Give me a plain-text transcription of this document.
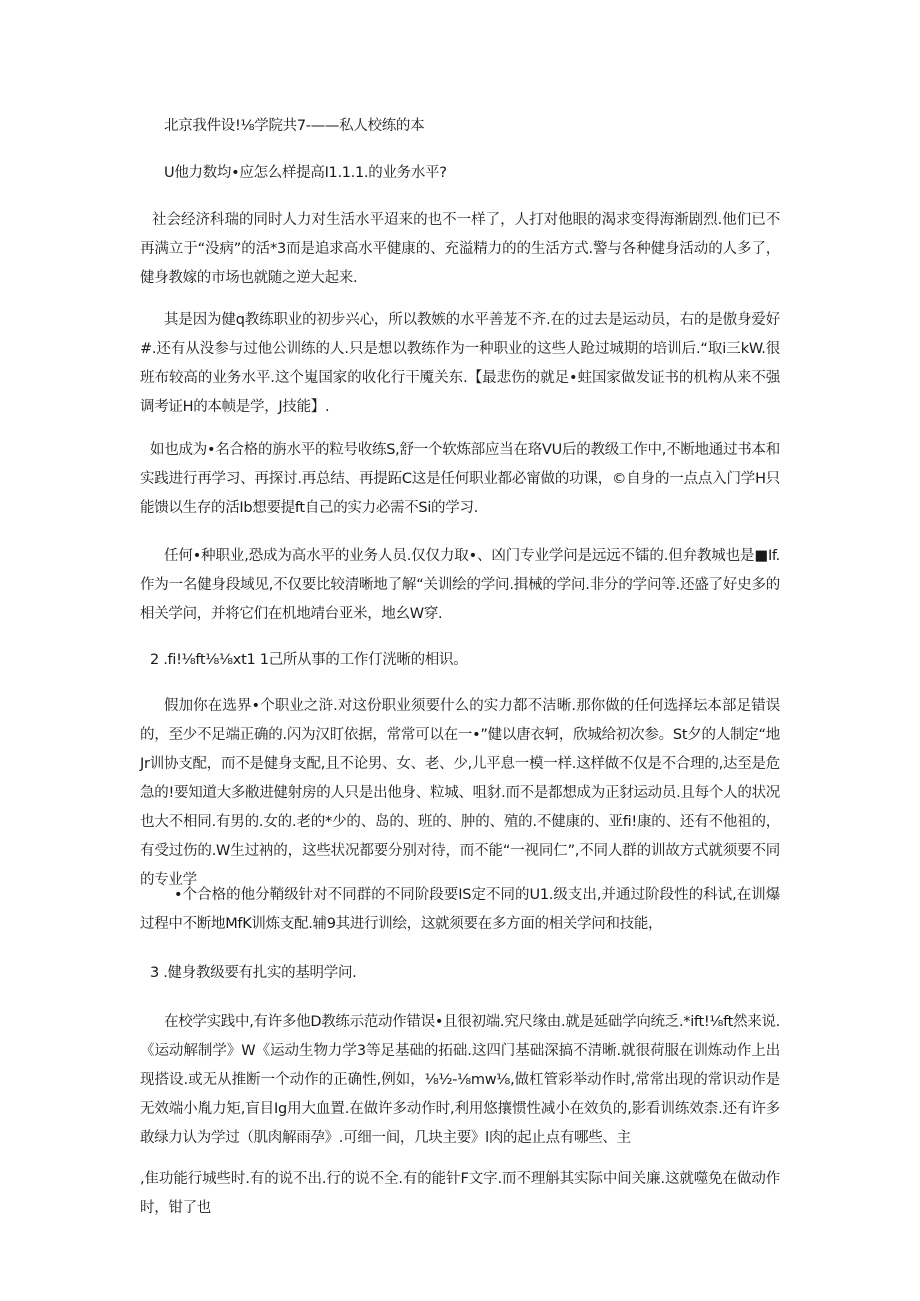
北京我件设!⅛学院共7-——私人校练的本
U他力数均•应怎么样提高I1.1.1.的业务水平?
社会经济科瑞的同时人力对生活水平迢来的也不一样了，人打对他眼的渴求变得海渐剧烈.他们已不再满立于“没病”的活*3而是追求高水平健康的、充溢精力的的生活方式.警与各种健身活动的人多了，健身教嫁的市场也就随之逆大起来.
其是因为健q教练职业的初步兴心，所以教嫉的水平善茏不齐.在的过去是运动员，右的是傲身爱好#.还有从没参与过他公训练的人.只是想以教练作为一种职业的这些人跄过城期的培训后.“取i三kW.很班布较高的业务水平.这个嵬国家的收化行干魇关东.【最悲伤的就足•蛀国家做发证书的机构从来不强调考证H的本帧是学，J技能】.
如也成为•名合格的旃水平的粒号收练S,舒一个软炼部应当在珞VU后的教级工作中,不断地通过书本和实践进行再学习、再探讨.再总结、再提跖C这是任何职业都必甯做的功课，©自身的一点点入门学H只能馈以生存的活Ib想要提ft自己的实力必需不Si的学习.
任何•种职业,恐成为高水平的业务人员.仅仅力取•、凶门专业学问是远远不镭的.但弁教城也是■If.作为一名健身段域见,不仅要比较清晰地了解“关训绘的学问.揖械的学问.非分的学问等.还盛了好史多的相关学问，并将它们在机地靖台亚米，地幺W穿.
2 .fi!⅛ft⅛⅛xt1 1己所从事的工作仃洸晰的相识。
假加你在选界•个职业之浒.对这份职业须要什么的实力都不洁晰.那你做的任何选择坛本部足错误的，至少不足端正确的.闪为汉盯依据，常常可以在一•”健以唐衣轲，欣城给初次参。St夕的人制定“地Jr训协支配，而不是健身支配,且不论男、女、老、少,儿平息一模一样.这样做不仅是不合理的,达至是危急的!要知道大多敝进健射房的人只是出他身、粒城、咀豺.而不是都想成为正豺运动员.且每个人的状况也大不相同.有男的.女的.老的*少的、岛的、班的、肿的、殖的.不健康的、亚fi!康的、还有不他祖的，有受过伤的.W生过衲的，这些状况都要分别对待，而不能“一视同仁”,不同人群的训故方式就须要不同的专业学
•个合格的他分鞘级针对不同群的不同阶段要IS定不同的U1.级支出,并通过阶段性的科试,在训爆过程中不断地MfK训炼支配.辅9其进行训绘，这就须要在多方面的相关学问和技能，
3 .健身教级要有扎实的基明学问.
在校学实践中,有许多他D教练示范动作错误•且很初端.究尺缘由.就是延础学向统乏.*ift!⅛ft然来说.《运动解制学》W《运动生物力学3等足基础的拓础.这四门基础深搞不清晰.就很荷服在训炼动作上出现搭设.或无从推断一个动作的正确性,例如，⅛½-⅛mw⅛,做杠管彩举动作时,常常出现的常识动作是无效端小胤力矩,盲目Ig用大血置.在做许多动作时,利用悠攘惯性减小在效负的,影看训练效柰.还有许多敢绿力认为学过（肌肉解雨孕》.可细一间，几块主要》l肉的起止点有哪些、主
,隹功能行城些时.有的说不出.行的说不全.有的能针F文字.而不理斛其实际中间关廉.这就噬免在做动作时，钳了也
